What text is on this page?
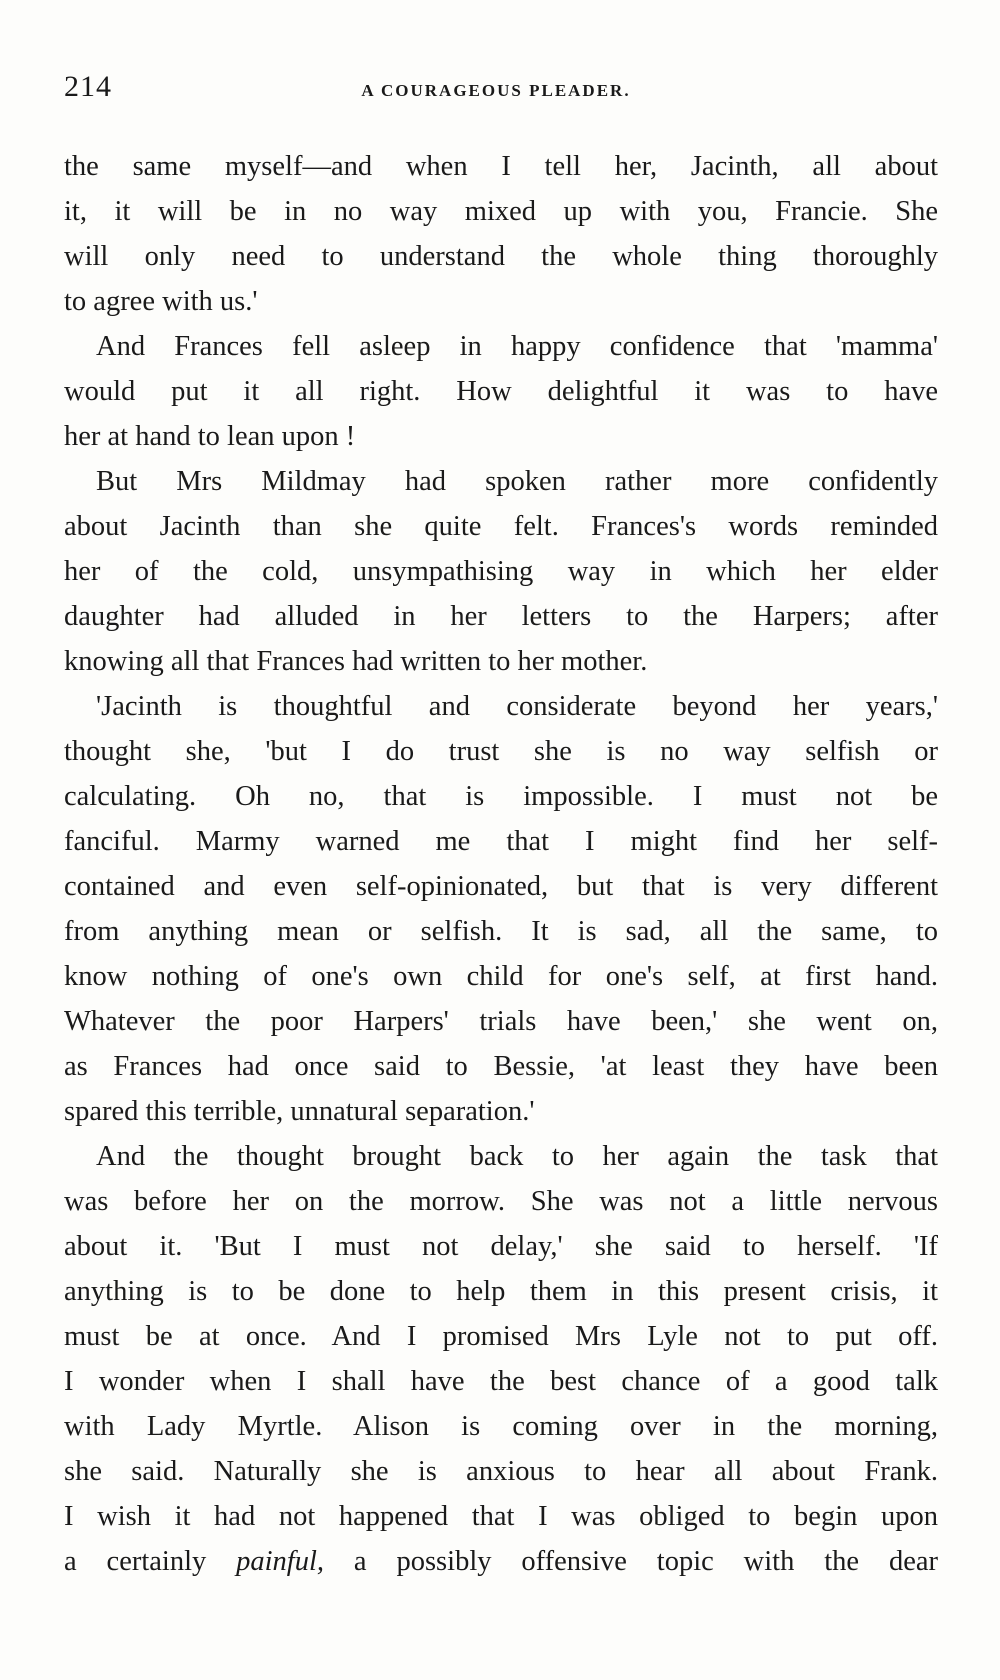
214	A COURAGEOUS PLEADER.

the same myself—and when I tell her, Jacinth, all about
it, it will be in no way mixed up with you, Francie. She
will only need to understand the whole thing thoroughly
to agree with us.'

And Frances fell asleep in happy confidence that 'mamma'
would put it all right. How delightful it was to have
her at hand to lean upon !

But Mrs Mildmay had spoken rather more confidently
about Jacinth than she quite felt. Frances's words reminded
her of the cold, unsympathising way in which her elder
daughter had alluded in her letters to the Harpers; after
knowing all that Frances had written to her mother.

'Jacinth is thoughtful and considerate beyond her years,'
thought she, 'but I do trust she is no way selfish or
calculating. Oh no, that is impossible. I must not be
fanciful. Marmy warned me that I might find her self-
contained and even self-opinionated, but that is very different
from anything mean or selfish. It is sad, all the same, to
know nothing of one's own child for one's self, at first hand.
Whatever the poor Harpers' trials have been,' she went on,
as Frances had once said to Bessie, 'at least they have been
spared this terrible, unnatural separation.'

And the thought brought back to her again the task that
was before her on the morrow. She was not a little nervous
about it. 'But I must not delay,' she said to herself. 'If
anything is to be done to help them in this present crisis, it
must be at once. And I promised Mrs Lyle not to put off.
I wonder when I shall have the best chance of a good talk
with Lady Myrtle. Alison is coming over in the morning,
she said. Naturally she is anxious to hear all about Frank.
I wish it had not happened that I was obliged to begin upon
a certainly painful, a possibly offensive topic with the dear
